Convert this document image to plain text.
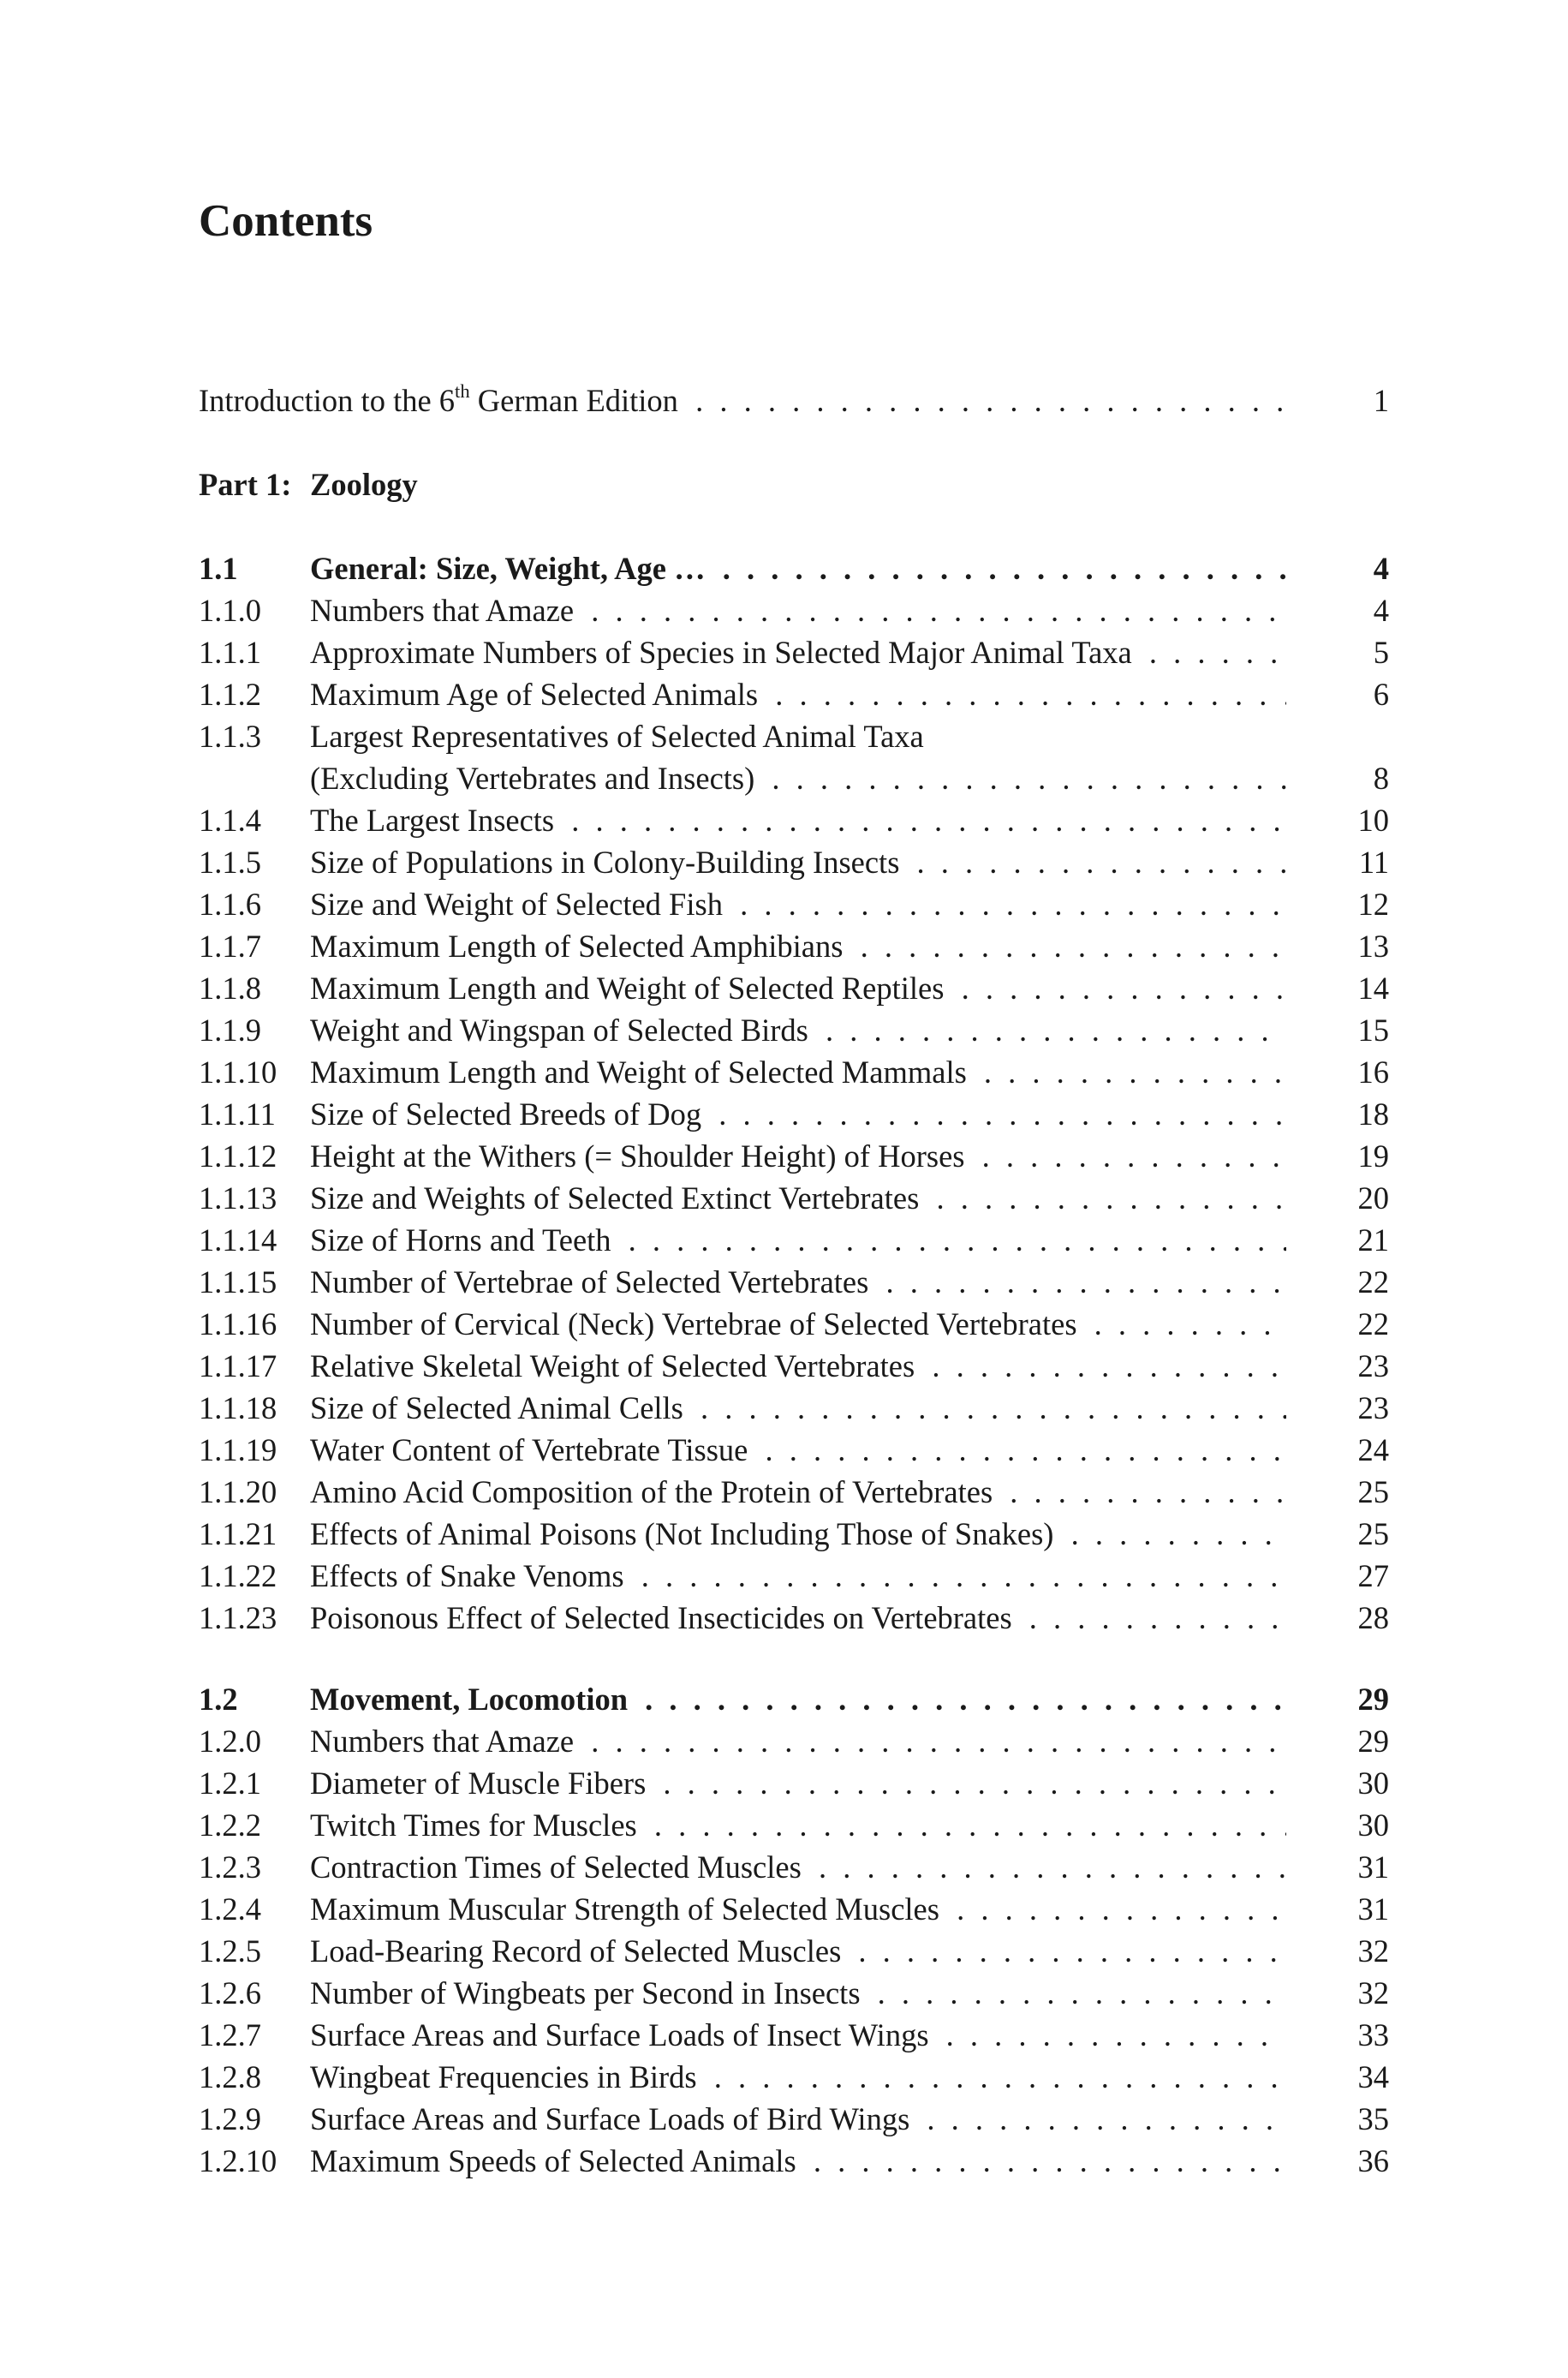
Contents
Introduction to the 6th German Edition . . .	1
Part 1: Zoology
1.1 General: Size, Weight, Age … . . .	4
1.1.0 Numbers that Amaze . . .	4
1.1.1 Approximate Numbers of Species in Selected Major Animal Taxa . . .	5
1.1.2 Maximum Age of Selected Animals . . .	6
1.1.3 Largest Representatives of Selected Animal Taxa
(Excluding Vertebrates and Insects) . . .	8
1.1.4 The Largest Insects . . .	10
1.1.5 Size of Populations in Colony-Building Insects . . .	11
1.1.6 Size and Weight of Selected Fish . . .	12
1.1.7 Maximum Length of Selected Amphibians . . .	13
1.1.8 Maximum Length and Weight of Selected Reptiles . . .	14
1.1.9 Weight and Wingspan of Selected Birds . . .	15
1.1.10 Maximum Length and Weight of Selected Mammals . . .	16
1.1.11 Size of Selected Breeds of Dog . . .	18
1.1.12 Height at the Withers (= Shoulder Height) of Horses . . .	19
1.1.13 Size and Weights of Selected Extinct Vertebrates . . .	20
1.1.14 Size of Horns and Teeth . . .	21
1.1.15 Number of Vertebrae of Selected Vertebrates . . .	22
1.1.16 Number of Cervical (Neck) Vertebrae of Selected Vertebrates . . .	22
1.1.17 Relative Skeletal Weight of Selected Vertebrates . . .	23
1.1.18 Size of Selected Animal Cells . . .	23
1.1.19 Water Content of Vertebrate Tissue . . .	24
1.1.20 Amino Acid Composition of the Protein of Vertebrates . . .	25
1.1.21 Effects of Animal Poisons (Not Including Those of Snakes) . . .	25
1.1.22 Effects of Snake Venoms . . .	27
1.1.23 Poisonous Effect of Selected Insecticides on Vertebrates . . .	28
1.2 Movement, Locomotion . . .	29
1.2.0 Numbers that Amaze . . .	29
1.2.1 Diameter of Muscle Fibers . . .	30
1.2.2 Twitch Times for Muscles . . .	30
1.2.3 Contraction Times of Selected Muscles . . .	31
1.2.4 Maximum Muscular Strength of Selected Muscles . . .	31
1.2.5 Load-Bearing Record of Selected Muscles . . .	32
1.2.6 Number of Wingbeats per Second in Insects . . .	32
1.2.7 Surface Areas and Surface Loads of Insect Wings . . .	33
1.2.8 Wingbeat Frequencies in Birds . . .	34
1.2.9 Surface Areas and Surface Loads of Bird Wings . . .	35
1.2.10 Maximum Speeds of Selected Animals . . .	36
